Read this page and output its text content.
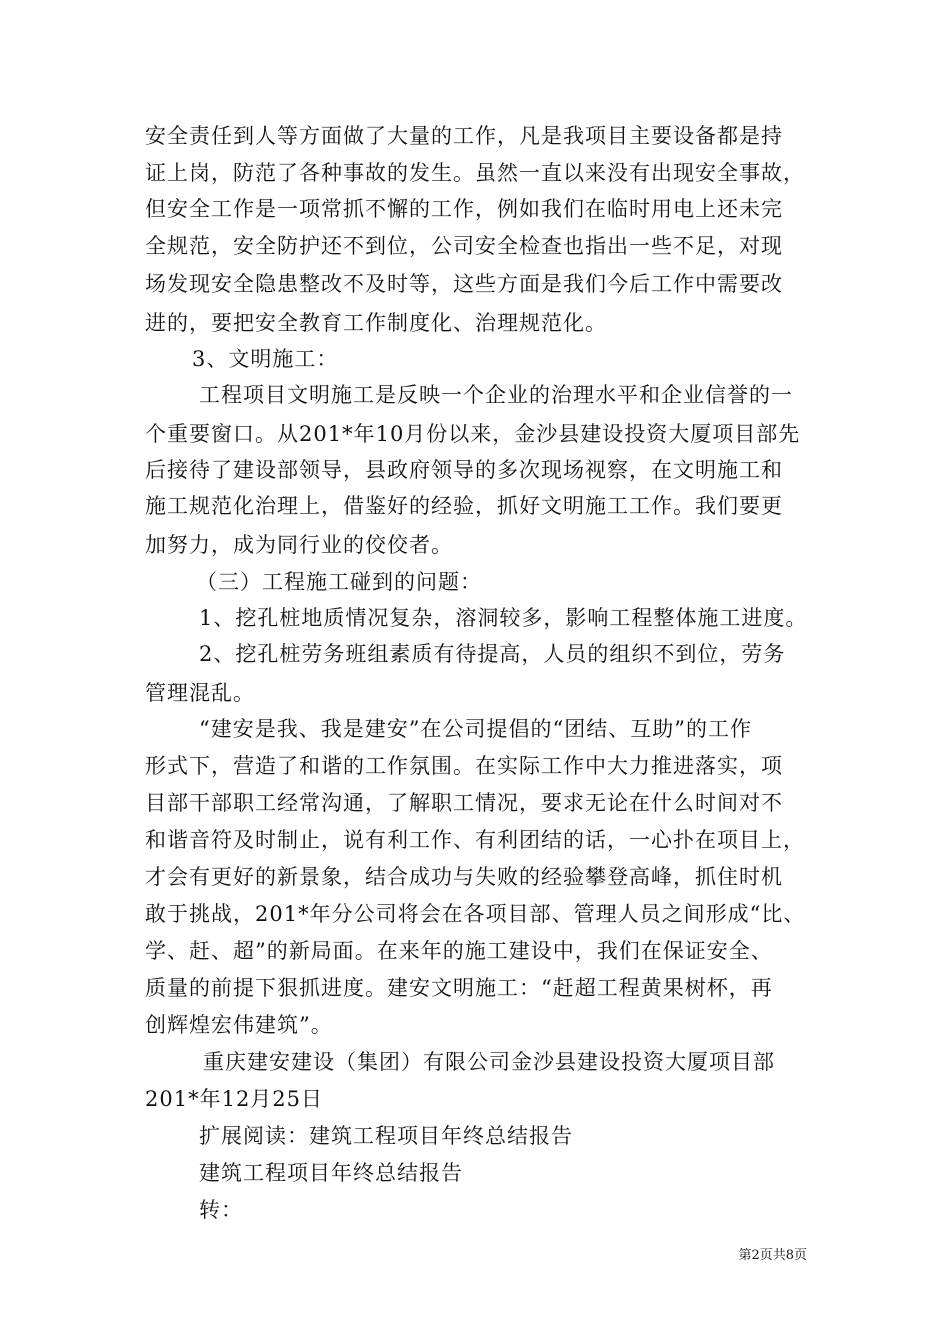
安全责任到人等方面做了大量的工作，凡是我项目主要设备都是持
证上岗，防范了各种事故的发生。虽然一直以来没有出现安全事故，
但安全工作是一项常抓不懈的工作，例如我们在临时用电上还未完
全规范，安全防护还不到位，公司安全检查也指出一些不足，对现
场发现安全隐患整改不及时等，这些方面是我们今后工作中需要改
进的，要把安全教育工作制度化、治理规范化。
3、文明施工：
工程项目文明施工是反映一个企业的治理水平和企业信誉的一
个重要窗口。从201*年10月份以来，金沙县建设投资大厦项目部先
后接待了建设部领导，县政府领导的多次现场视察，在文明施工和
施工规范化治理上，借鉴好的经验，抓好文明施工工作。我们要更
加努力，成为同行业的佼佼者。
（三）工程施工碰到的问题：
1、挖孔桩地质情况复杂，溶洞较多，影响工程整体施工进度。
2、挖孔桩劳务班组素质有待提高，人员的组织不到位，劳务
管理混乱。
“建安是我、我是建安”在公司提倡的“团结、互助”的工作
形式下，营造了和谐的工作氛围。在实际工作中大力推进落实，项
目部干部职工经常沟通，了解职工情况，要求无论在什么时间对不
和谐音符及时制止，说有利工作、有利团结的话，一心扑在项目上，
才会有更好的新景象，结合成功与失败的经验攀登高峰，抓住时机
敢于挑战，201*年分公司将会在各项目部、管理人员之间形成“比、
学、赶、超”的新局面。在来年的施工建设中，我们在保证安全、
质量的前提下狠抓进度。建安文明施工：“赶超工程黄果树杯，再
创辉煌宏伟建筑”。
重庆建安建设（集团）有限公司金沙县建设投资大厦项目部
201*年12月25日
扩展阅读：建筑工程项目年终总结报告
建筑工程项目年终总结报告
转：
第2页共8页
